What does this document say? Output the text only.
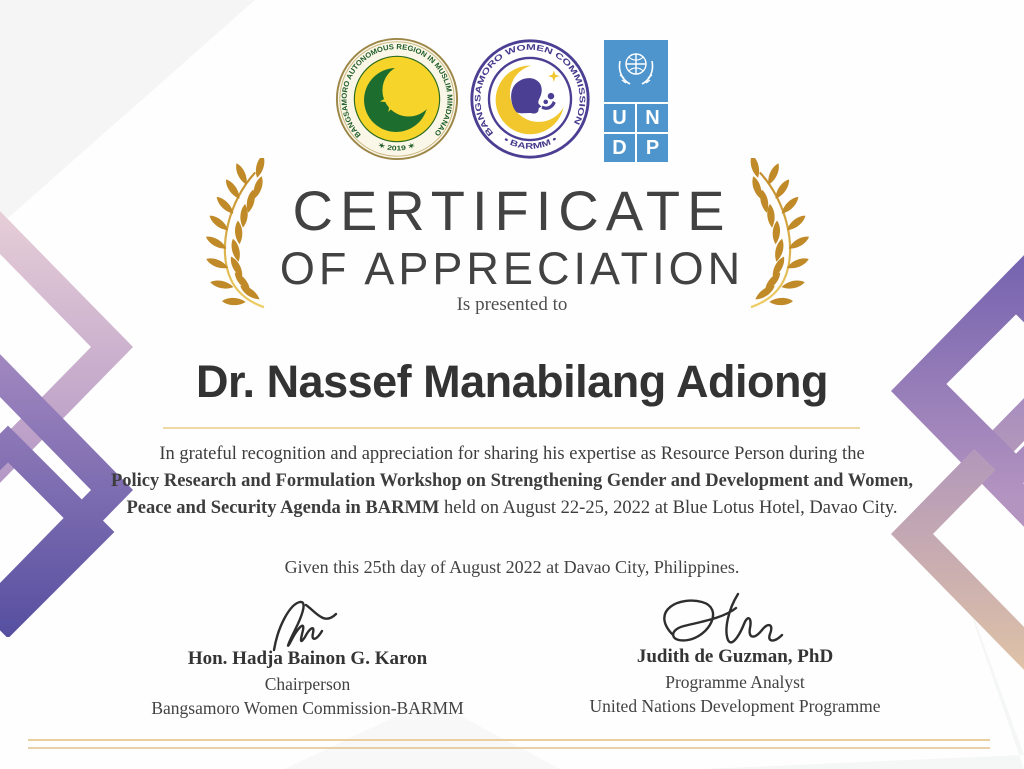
BANGSAMORO AUTONOMOUS REGION IN MUSLIM MINDANAO
✶ 2019 ✶
BANGSAMORO WOMEN COMMISSION
• BARMM •
U N
D P
CERTIFICATE
OF APPRECIATION
Is presented to
Dr. Nassef Manabilang Adiong
In grateful recognition and appreciation for sharing his expertise as Resource Person during the
Policy Research and Formulation Workshop on Strengthening Gender and Development and Women,
Peace and Security Agenda in BARMM held on August 22-25, 2022 at Blue Lotus Hotel, Davao City.
Given this 25th day of August 2022 at Davao City, Philippines.
Hon. Hadja Bainon G. Karon
Chairperson
Bangsamoro Women Commission-BARMM
Judith de Guzman, PhD
Programme Analyst
United Nations Development Programme
